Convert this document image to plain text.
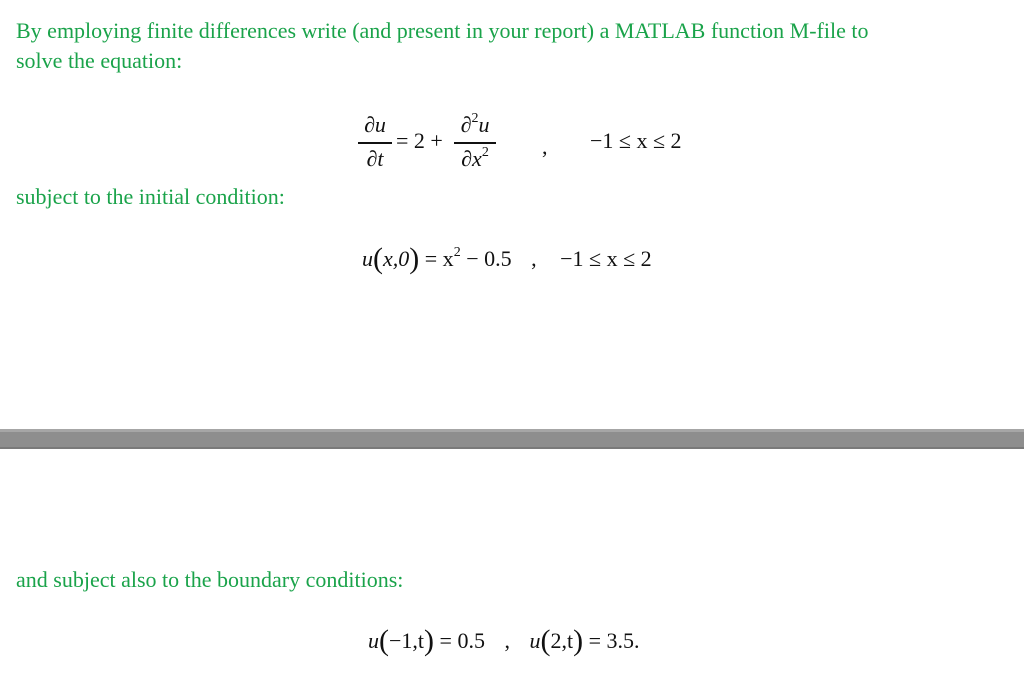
By employing finite differences write (and present in your report) a MATLAB function M-file to
solve the equation:
∂u
∂t
= 2 +
∂$^2$u
$\partial x^2$	, −1 ≤ x ≤ 2
subject to the initial condition:
$u(x,0) = x^2 - 0.5$ , −1 ≤ x ≤ 2
and subject also to the boundary conditions:
u(−1,t) = 0.5 , u(2,t) = 3.5.
